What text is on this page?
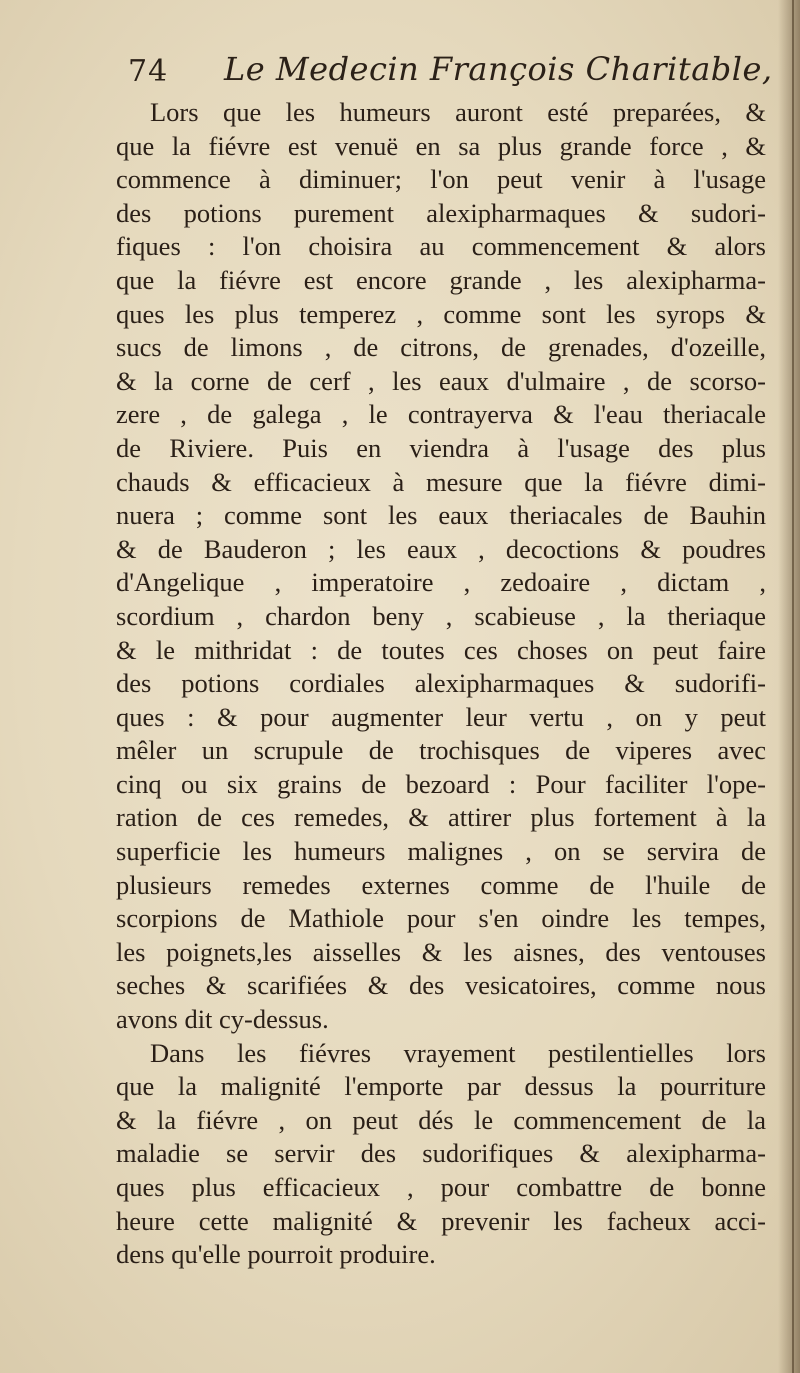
74 Le Medecin François Charitable,
Lors que les humeurs auront esté preparées, &
que la fiévre est venuë en sa plus grande force , &
commence à diminuer; l'on peut venir à l'usage
des potions purement alexipharmaques & sudori-
fiques : l'on choisira au commencement & alors
que la fiévre est encore grande , les alexipharma-
ques les plus temperez , comme sont les syrops &
sucs de limons , de citrons, de grenades, d'ozeille,
& la corne de cerf , les eaux d'ulmaire , de scorso-
zere , de galega , le contrayerva & l'eau theriacale
de Riviere. Puis en viendra à l'usage des plus
chauds & efficacieux à mesure que la fiévre dimi-
nuera ; comme sont les eaux theriacales de Bauhin
& de Bauderon ; les eaux , decoctions & poudres
d'Angelique , imperatoire , zedoaire , dictam ,
scordium , chardon beny , scabieuse , la theriaque
& le mithridat : de toutes ces choses on peut faire
des potions cordiales alexipharmaques & sudorifi-
ques : & pour augmenter leur vertu , on y peut
mêler un scrupule de trochisques de viperes avec
cinq ou six grains de bezoard : Pour faciliter l'ope-
ration de ces remedes, & attirer plus fortement à la
superficie les humeurs malignes , on se servira de
plusieurs remedes externes comme de l'huile de
scorpions de Mathiole pour s'en oindre les tempes,
les poignets,les aisselles & les aisnes, des ventouses
seches & scarifiées & des vesicatoires, comme nous
avons dit cy-dessus.
Dans les fiévres vrayement pestilentielles lors
que la malignité l'emporte par dessus la pourriture
& la fiévre , on peut dés le commencement de la
maladie se servir des sudorifiques & alexipharma-
ques plus efficacieux , pour combattre de bonne
heure cette malignité & prevenir les facheux acci-
dens qu'elle pourroit produire.
